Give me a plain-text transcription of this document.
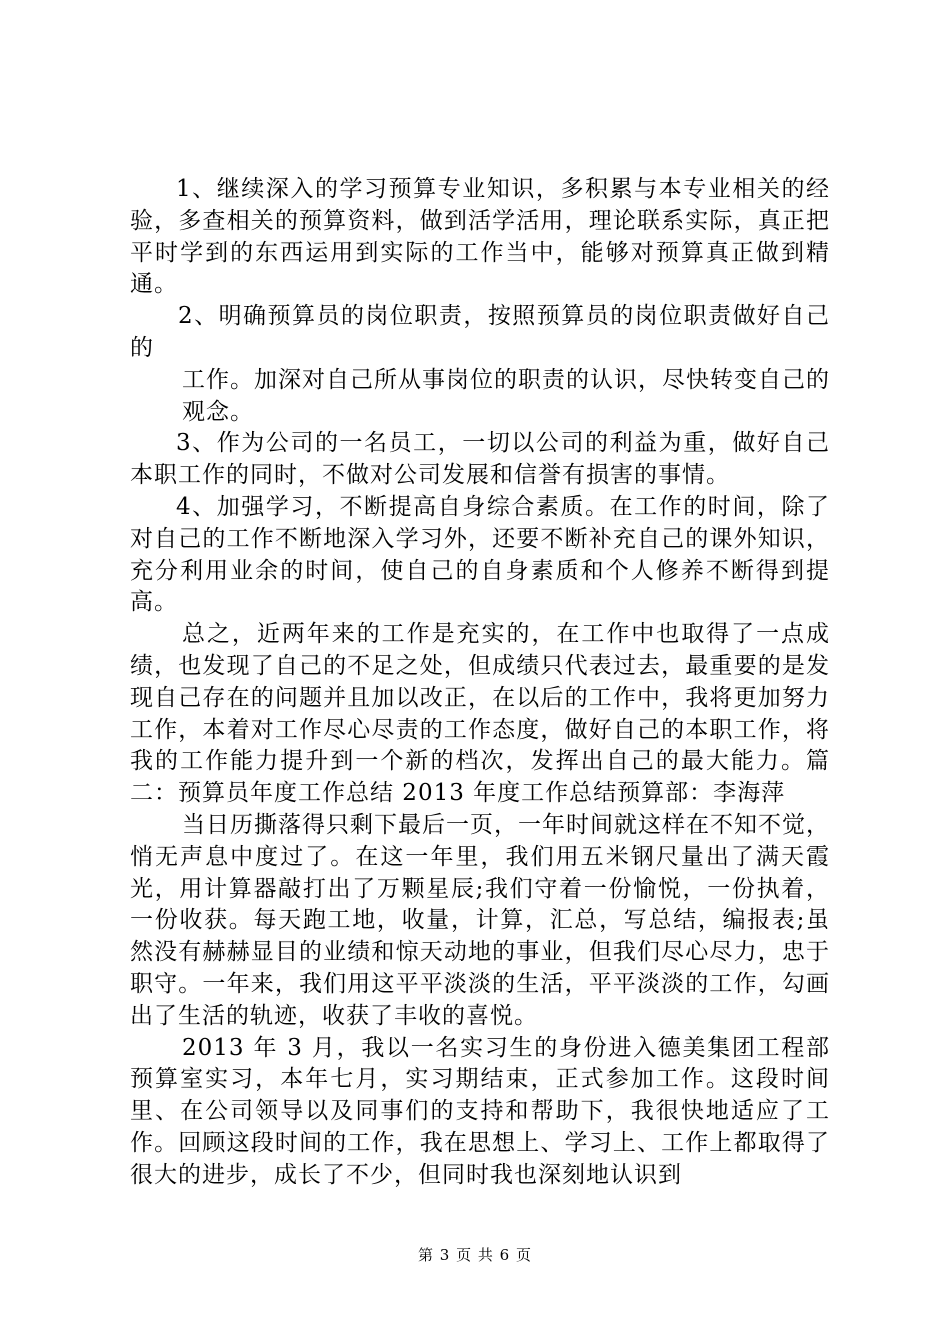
1、继续深入的学习预算专业知识，多积累与本专业相关的经验，多查相关的预算资料，做到活学活用，理论联系实际，真正把平时学到的东西运用到实际的工作当中，能够对预算真正做到精通。

2、明确预算员的岗位职责，按照预算员的岗位职责做好自己的

工作。加深对自己所从事岗位的职责的认识，尽快转变自己的观念。

3、作为公司的一名员工，一切以公司的利益为重，做好自己本职工作的同时，不做对公司发展和信誉有损害的事情。

4、加强学习，不断提高自身综合素质。在工作的时间，除了对自己的工作不断地深入学习外，还要不断补充自己的课外知识，充分利用业余的时间，使自己的自身素质和个人修养不断得到提高。

总之，近两年来的工作是充实的，在工作中也取得了一点成绩，也发现了自己的不足之处，但成绩只代表过去，最重要的是发现自己存在的问题并且加以改正，在以后的工作中，我将更加努力工作，本着对工作尽心尽责的工作态度，做好自己的本职工作，将我的工作能力提升到一个新的档次，发挥出自己的最大能力。篇二：预算员年度工作总结 2013 年度工作总结预算部：李海萍

当日历撕落得只剩下最后一页，一年时间就这样在不知不觉，悄无声息中度过了。在这一年里，我们用五米钢尺量出了满天霞光，用计算器敲打出了万颗星辰;我们守着一份愉悦，一份执着，一份收获。每天跑工地，收量，计算，汇总，写总结，编报表;虽然没有赫赫显目的业绩和惊天动地的事业，但我们尽心尽力，忠于职守。一年来，我们用这平平淡淡的生活，平平淡淡的工作，勾画出了生活的轨迹，收获了丰收的喜悦。

2013 年 3 月，我以一名实习生的身份进入德美集团工程部预算室实习，本年七月，实习期结束，正式参加工作。这段时间里、在公司领导以及同事们的支持和帮助下，我很快地适应了工作。回顾这段时间的工作，我在思想上、学习上、工作上都取得了很大的进步，成长了不少，但同时我也深刻地认识到

第 3 页 共 6 页
